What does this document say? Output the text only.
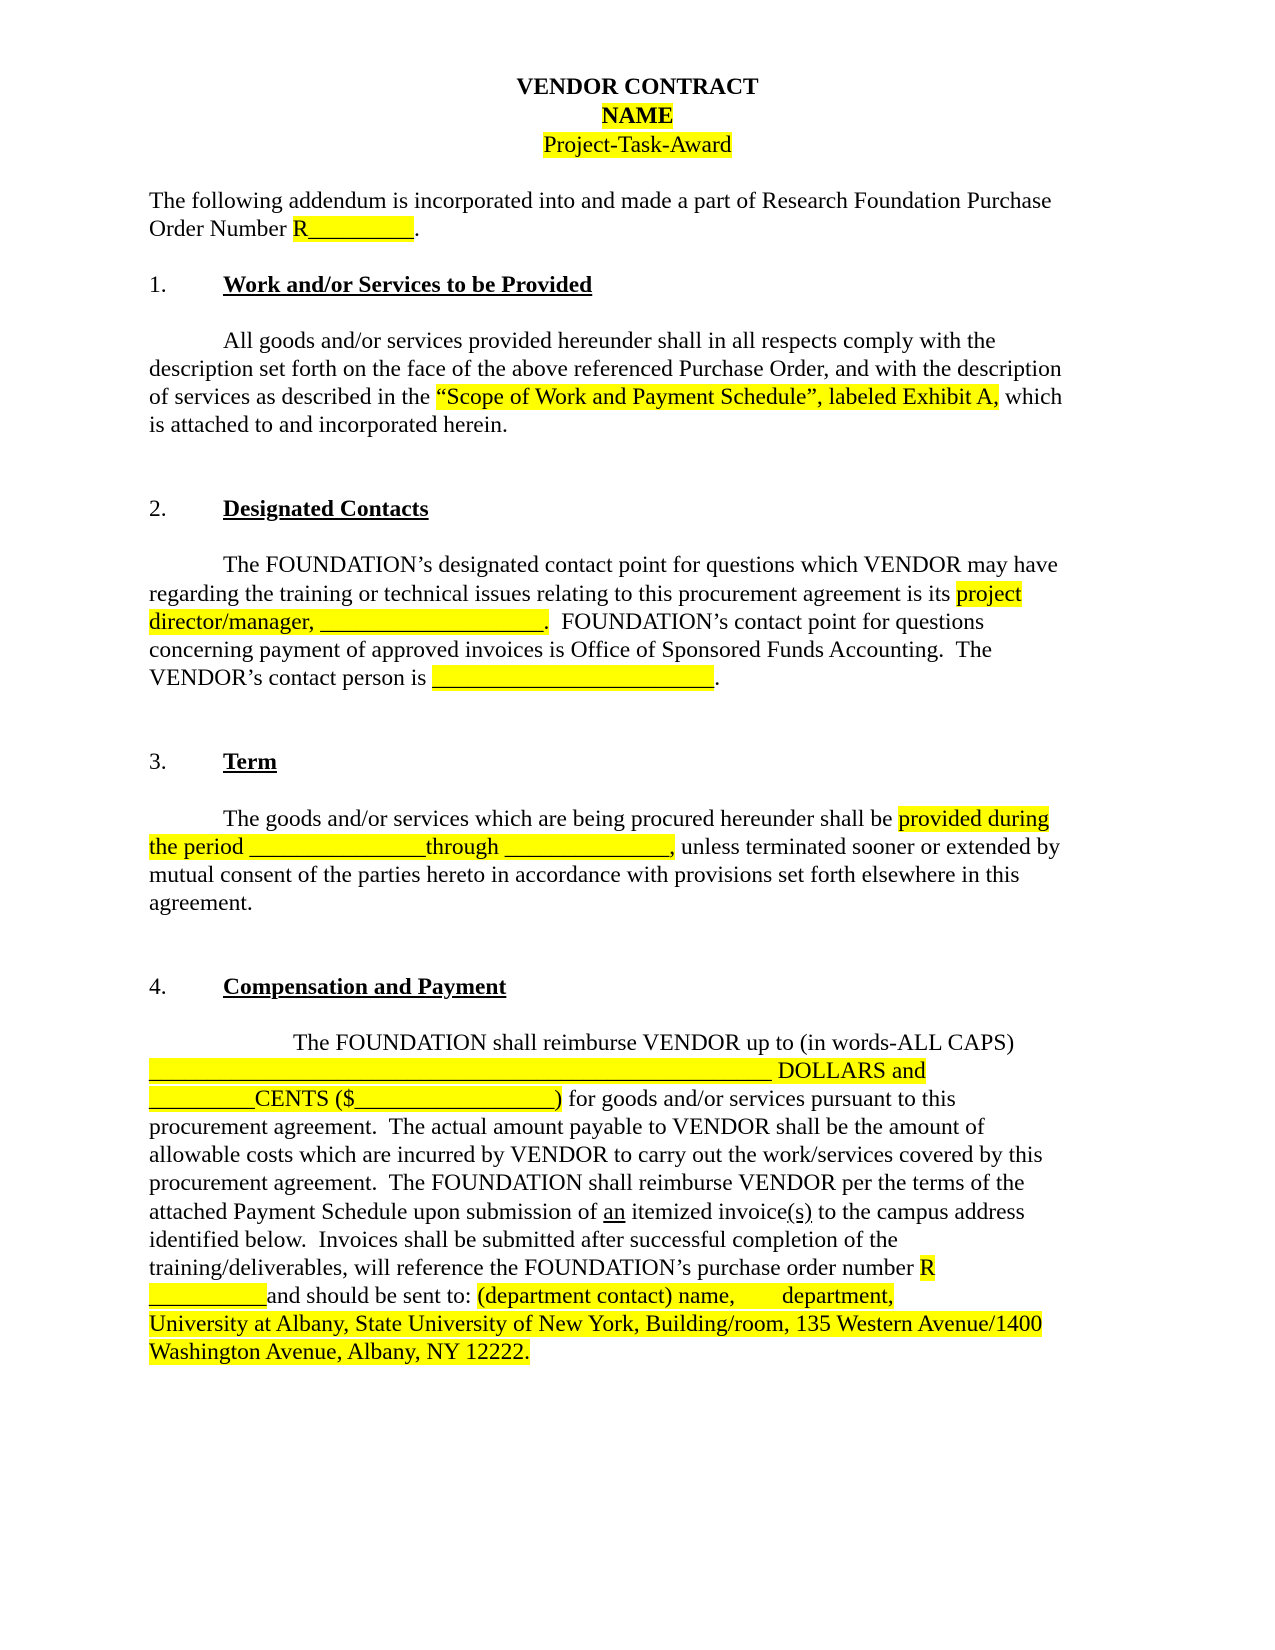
VENDOR CONTRACT
NAME
Project-Task-Award
The following addendum is incorporated into and made a part of Research Foundation Purchase
Order Number R_________.
1. Work and/or Services to be Provided
All goods and/or services provided hereunder shall in all respects comply with the
description set forth on the face of the above referenced Purchase Order, and with the description
of services as described in the “Scope of Work and Payment Schedule”, labeled Exhibit A, which
is attached to and incorporated herein.
2. Designated Contacts
The FOUNDATION’s designated contact point for questions which VENDOR may have
regarding the training or technical issues relating to this procurement agreement is its project
director/manager, ___________________.  FOUNDATION’s contact point for questions
concerning payment of approved invoices is Office of Sponsored Funds Accounting.  The
VENDOR’s contact person is ________________________.
3. Term
The goods and/or services which are being procured hereunder shall be provided during
the period _______________through ______________, unless terminated sooner or extended by
mutual consent of the parties hereto in accordance with provisions set forth elsewhere in this
agreement.
4. Compensation and Payment
The FOUNDATION shall reimburse VENDOR up to (in words-ALL CAPS)
_____________________________________________________ DOLLARS and
_________CENTS ($_________________) for goods and/or services pursuant to this
procurement agreement.  The actual amount payable to VENDOR shall be the amount of
allowable costs which are incurred by VENDOR to carry out the work/services covered by this
procurement agreement.  The FOUNDATION shall reimburse VENDOR per the terms of the
attached Payment Schedule upon submission of an itemized invoice(s) to the campus address
identified below.  Invoices shall be submitted after successful completion of the
training/deliverables, will reference the FOUNDATION’s purchase order number R
__________and should be sent to: (department contact) name,        department,
University at Albany, State University of New York, Building/room, 135 Western Avenue/1400
Washington Avenue, Albany, NY 12222.
